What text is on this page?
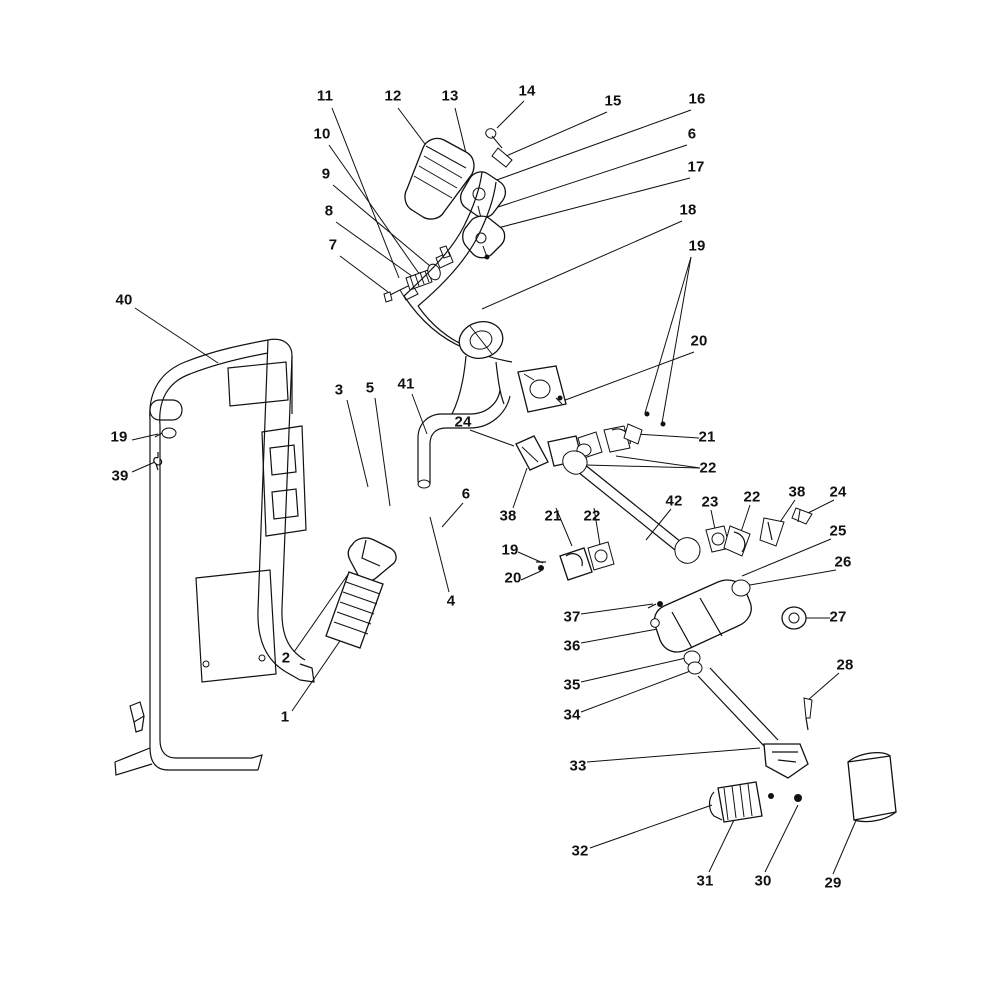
11	12	13	14
15	16
10	6
9	17
8	18
7	19
40
20
3 5 41
19
24
21
39	22
38 21 22
42 23 22 38 24
6
25
19
26
20
2
4
27
37
36
35
28
34
1
33
32
31	30	29
